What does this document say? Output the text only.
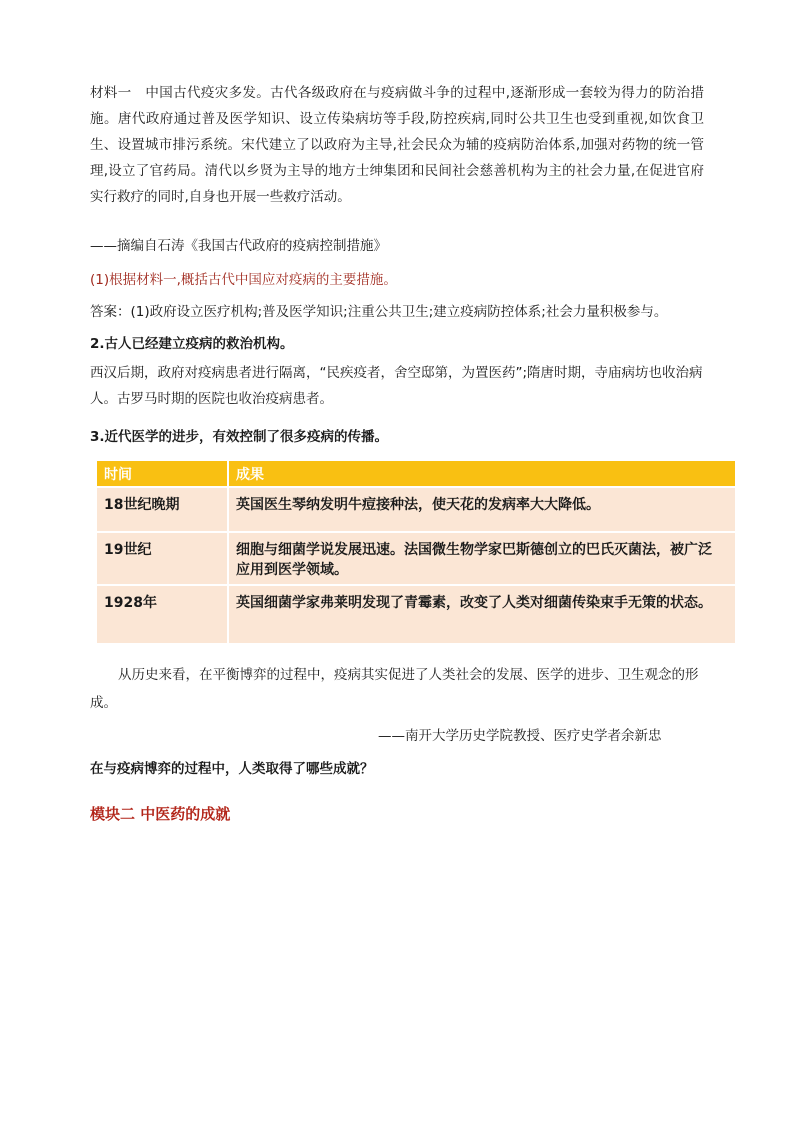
材料一　中国古代疫灾多发。古代各级政府在与疫病做斗争的过程中,逐渐形成一套较为得力的防治措施。唐代政府通过普及医学知识、设立传染病坊等手段,防控疾病,同时公共卫生也受到重视,如饮食卫生、设置城市排污系统。宋代建立了以政府为主导,社会民众为辅的疫病防治体系,加强对药物的统一管理,设立了官药局。清代以乡贤为主导的地方士绅集团和民间社会慈善机构为主的社会力量,在促进官府实行救疗的同时,自身也开展一些救疗活动。

——摘编自石涛《我国古代政府的疫病控制措施》

(1)根据材料一,概括古代中国应对疫病的主要措施。

答案：(1)政府设立医疗机构;普及医学知识;注重公共卫生;建立疫病防控体系;社会力量积极参与。

2.古人已经建立疫病的救治机构。

西汉后期，政府对疫病患者进行隔离，“民疾疫者，舍空邸第，为置医药”;隋唐时期，寺庙病坊也收治病人。古罗马时期的医院也收治疫病患者。

3.近代医学的进步，有效控制了很多疫病的传播。

时间	成果
18世纪晚期	英国医生琴纳发明牛痘接种法，使天花的发病率大大降低。
19世纪	细胞与细菌学说发展迅速。法国微生物学家巴斯德创立的巴氏灭菌法，被广泛应用到医学领域。
1928年	英国细菌学家弗莱明发现了青霉素，改变了人类对细菌传染束手无策的状态。

从历史来看，在平衡博弈的过程中，疫病其实促进了人类社会的发展、医学的进步、卫生观念的形成。

——南开大学历史学院教授、医疗史学者余新忠

在与疫病博弈的过程中，人类取得了哪些成就？

模块二 中医药的成就
